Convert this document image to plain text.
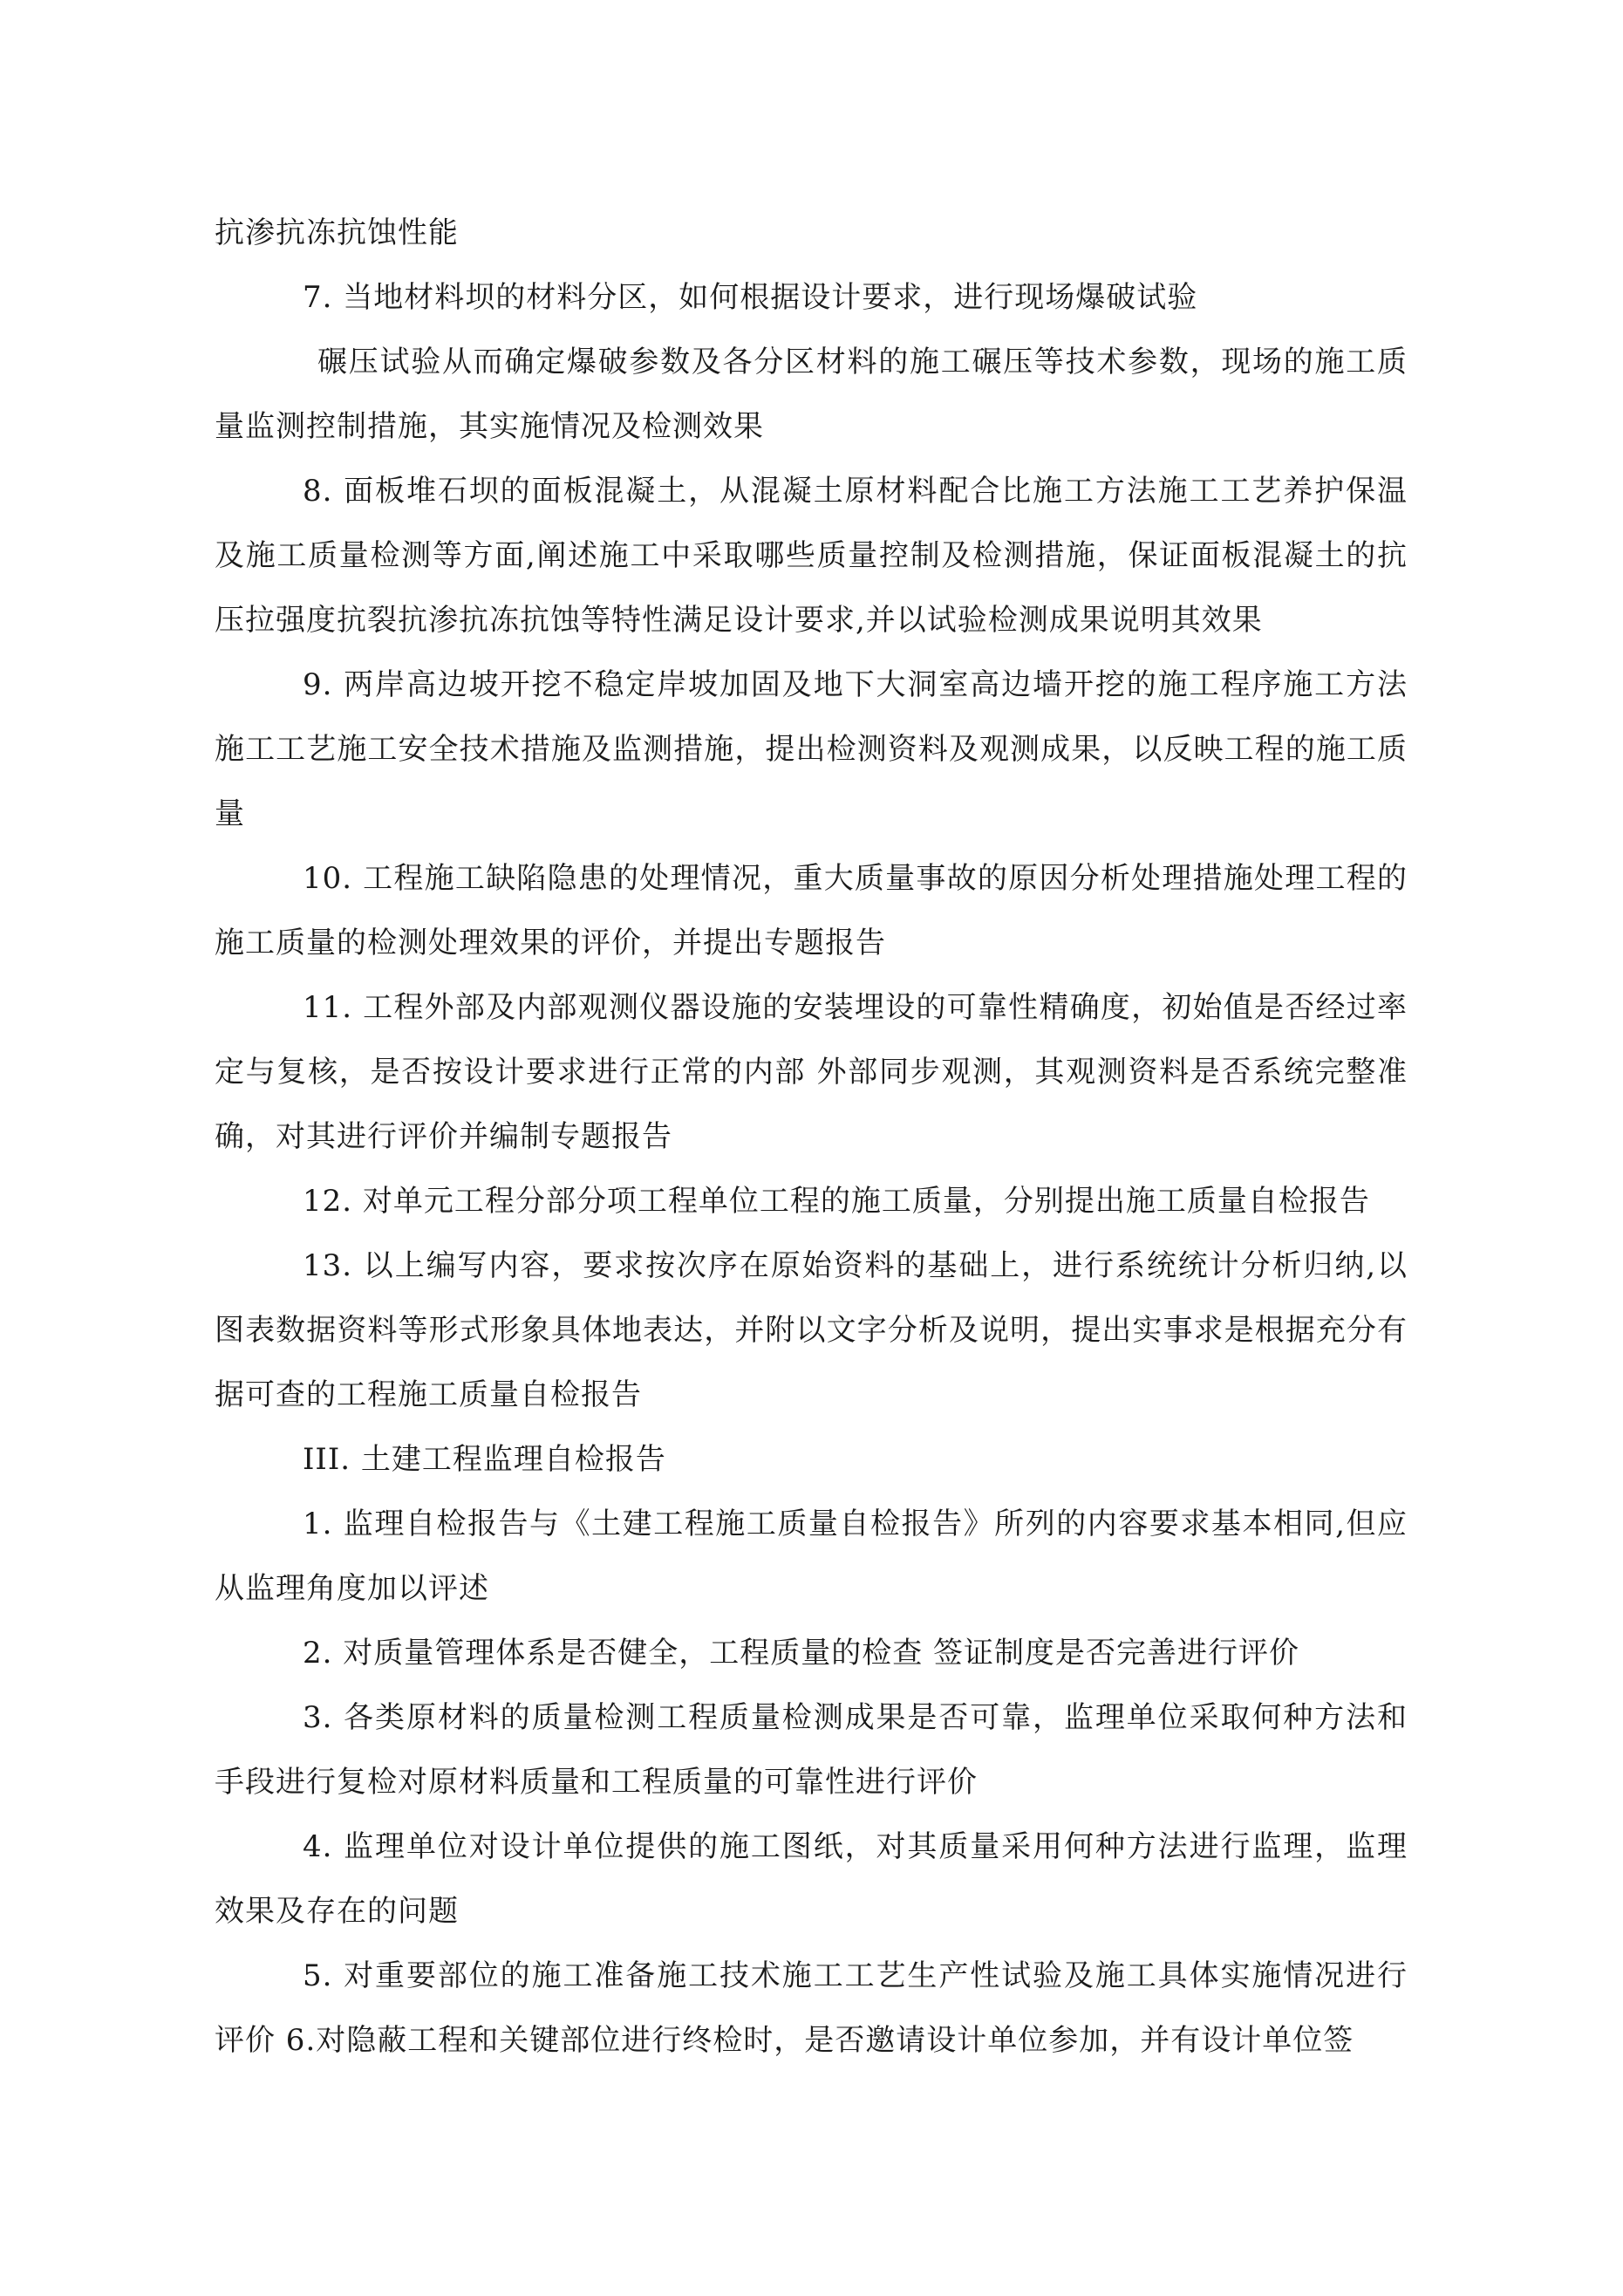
抗渗抗冻抗蚀性能

7. 当地材料坝的材料分区，如何根据设计要求，进行现场爆破试验

碾压试验从而确定爆破参数及各分区材料的施工碾压等技术参数，现场的施工质量监测控制措施，其实施情况及检测效果

8. 面板堆石坝的面板混凝土，从混凝土原材料配合比施工方法施工工艺养护保温及施工质量检测等方面,阐述施工中采取哪些质量控制及检测措施，保证面板混凝土的抗压拉强度抗裂抗渗抗冻抗蚀等特性满足设计要求,并以试验检测成果说明其效果

9. 两岸高边坡开挖不稳定岸坡加固及地下大洞室高边墙开挖的施工程序施工方法施工工艺施工安全技术措施及监测措施，提出检测资料及观测成果，以反映工程的施工质量

10. 工程施工缺陷隐患的处理情况，重大质量事故的原因分析处理措施处理工程的施工质量的检测处理效果的评价，并提出专题报告

11. 工程外部及内部观测仪器设施的安装埋设的可靠性精确度，初始值是否经过率定与复核，是否按设计要求进行正常的内部 外部同步观测，其观测资料是否系统完整准确，对其进行评价并编制专题报告

12. 对单元工程分部分项工程单位工程的施工质量，分别提出施工质量自检报告

13. 以上编写内容，要求按次序在原始资料的基础上，进行系统统计分析归纳,以图表数据资料等形式形象具体地表达，并附以文字分析及说明，提出实事求是根据充分有据可查的工程施工质量自检报告

III. 土建工程监理自检报告

1. 监理自检报告与《土建工程施工质量自检报告》所列的内容要求基本相同,但应从监理角度加以评述

2. 对质量管理体系是否健全，工程质量的检查 签证制度是否完善进行评价

3. 各类原材料的质量检测工程质量检测成果是否可靠，监理单位采取何种方法和手段进行复检对原材料质量和工程质量的可靠性进行评价

4. 监理单位对设计单位提供的施工图纸，对其质量采用何种方法进行监理，监理效果及存在的问题

5. 对重要部位的施工准备施工技术施工工艺生产性试验及施工具体实施情况进行评价 6.对隐蔽工程和关键部位进行终检时，是否邀请设计单位参加，并有设计单位签
